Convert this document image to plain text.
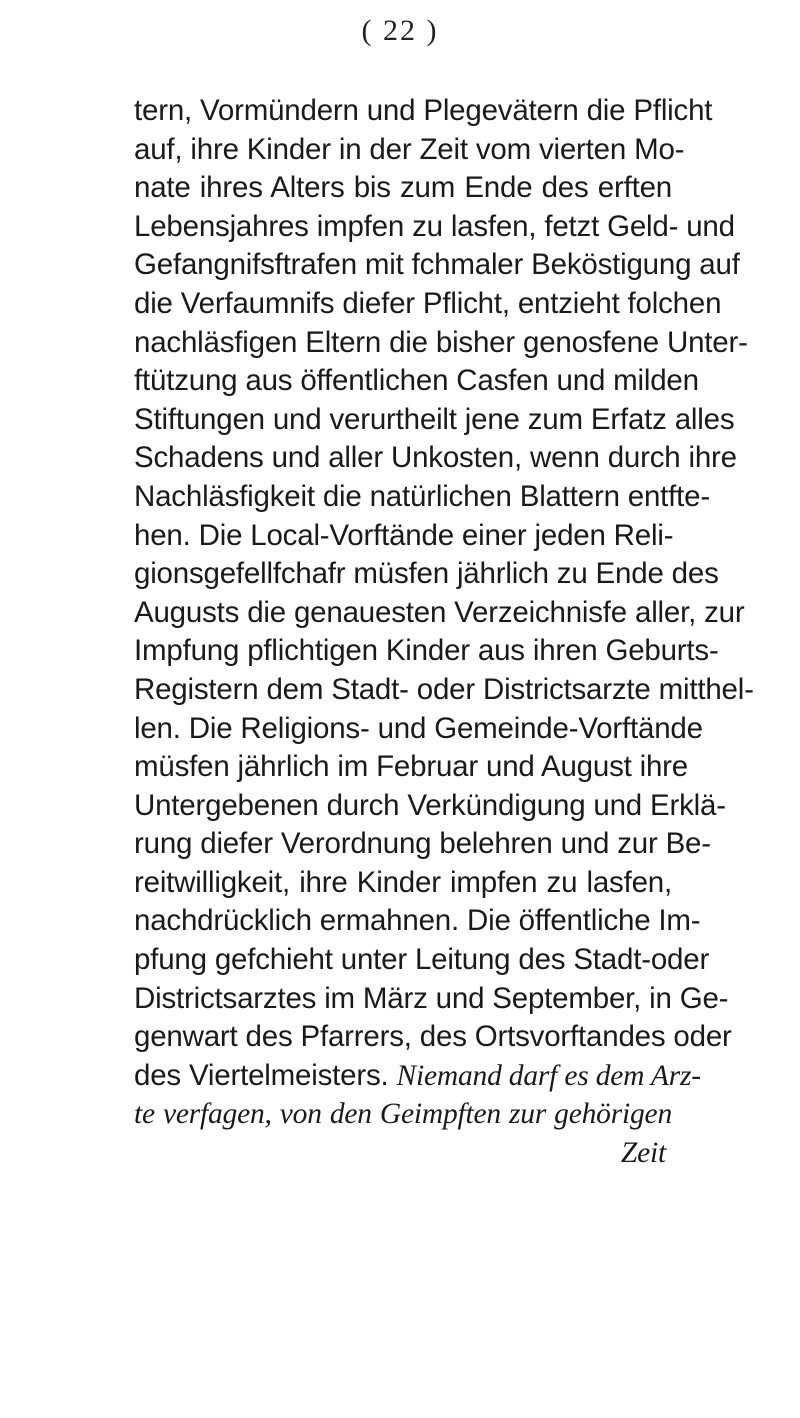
( 22 )
tern, Vormündern und Plegevätern die Pflicht
auf, ihre Kinder in der Zeit vom vierten Mo-
nate ihres Alters bis zum Ende des erften
Lebensjahres impfen zu lasfen, fetzt Geld- und
Gefangnifsftrafen mit fchmaler Beköstigung auf
die Verfaumnifs diefer Pflicht, entzieht folchen
nachläsfigen Eltern die bisher genosfene Unter-
ftützung aus öffentlichen Casfen und milden
Stiftungen und verurtheilt jene zum Erfatz alles
Schadens und aller Unkosten, wenn durch ihre
Nachläsfigkeit die natürlichen Blattern entfte-
hen. Die Local-Vorftände einer jeden Reli-
gionsgefellfchafr müsfen jährlich zu Ende des
Augusts die genauesten Verzeichnisfe aller, zur
Impfung pflichtigen Kinder aus ihren Geburts-
Registern dem Stadt- oder Districtsarzte mitthel-
len. Die Religions- und Gemeinde-Vorftände
müsfen jährlich im Februar und August ihre
Untergebenen durch Verkündigung und Erklä-
rung diefer Verordnung belehren und zur Be-
reitwilligkeit, ihre Kinder impfen zu lasfen,
nachdrücklich ermahnen. Die öffentliche Im-
pfung gefchieht unter Leitung des Stadt-oder
Districtsarztes im März und September, in Ge-
genwart des Pfarrers, des Ortsvorftandes oder
des Viertelmeisters. Niemand darf es dem Arz-
te verfagen, von den Geimpften zur gehörigen
Zeit
